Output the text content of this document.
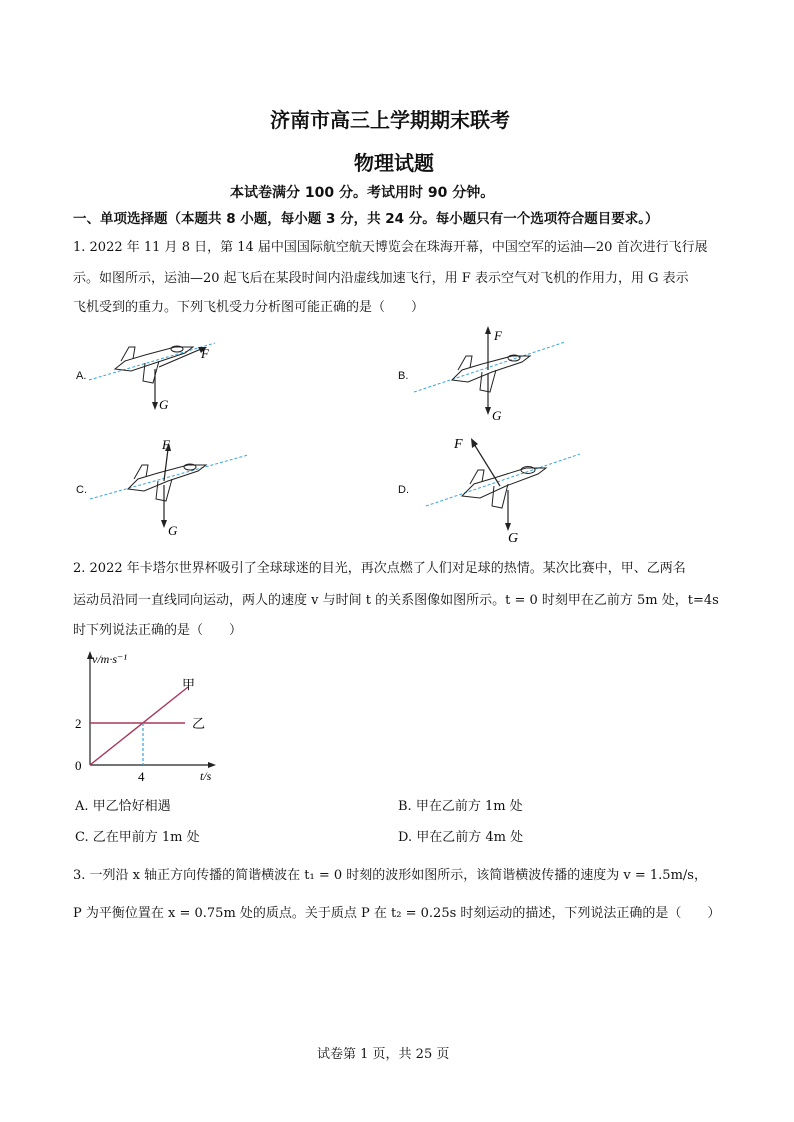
济南市高三上学期期末联考
物理试题
本试卷满分 100 分。考试用时 90 分钟。
一、单项选择题（本题共 8 小题，每小题 3 分，共 24 分。每小题只有一个选项符合题目要求。）
1. 2022 年 11 月 8 日，第 14 届中国国际航空航天博览会在珠海开幕，中国空军的运油—20 首次进行飞行展
示。如图所示，运油—20 起飞后在某段时间内沿虚线加速飞行，用 F 表示空气对飞机的作用力，用 G 表示
飞机受到的重力。下列飞机受力分析图可能正确的是（　　）
A.	B.
C.	D.
F
G
F
G
F
G
F
G
2. 2022 年卡塔尔世界杯吸引了全球球迷的目光，再次点燃了人们对足球的热情。某次比赛中，甲、乙两名
运动员沿同一直线同向运动，两人的速度 v 与时间 t 的关系图像如图所示。t = 0 时刻甲在乙前方 5m 处，t=4s
时下列说法正确的是（　　）
v/m·s⁻¹
t/s
0
2
4
甲
乙
A. 甲乙恰好相遇	B. 甲在乙前方 1m 处
C. 乙在甲前方 1m 处	D. 甲在乙前方 4m 处
3. 一列沿 x 轴正方向传播的简谐横波在 t₁ = 0 时刻的波形如图所示，该简谐横波传播的速度为 v = 1.5m/s，
P 为平衡位置在 x = 0.75m 处的质点。关于质点 P 在 t₂ = 0.25s 时刻运动的描述，下列说法正确的是（　　）
试卷第 1 页，共 25 页
